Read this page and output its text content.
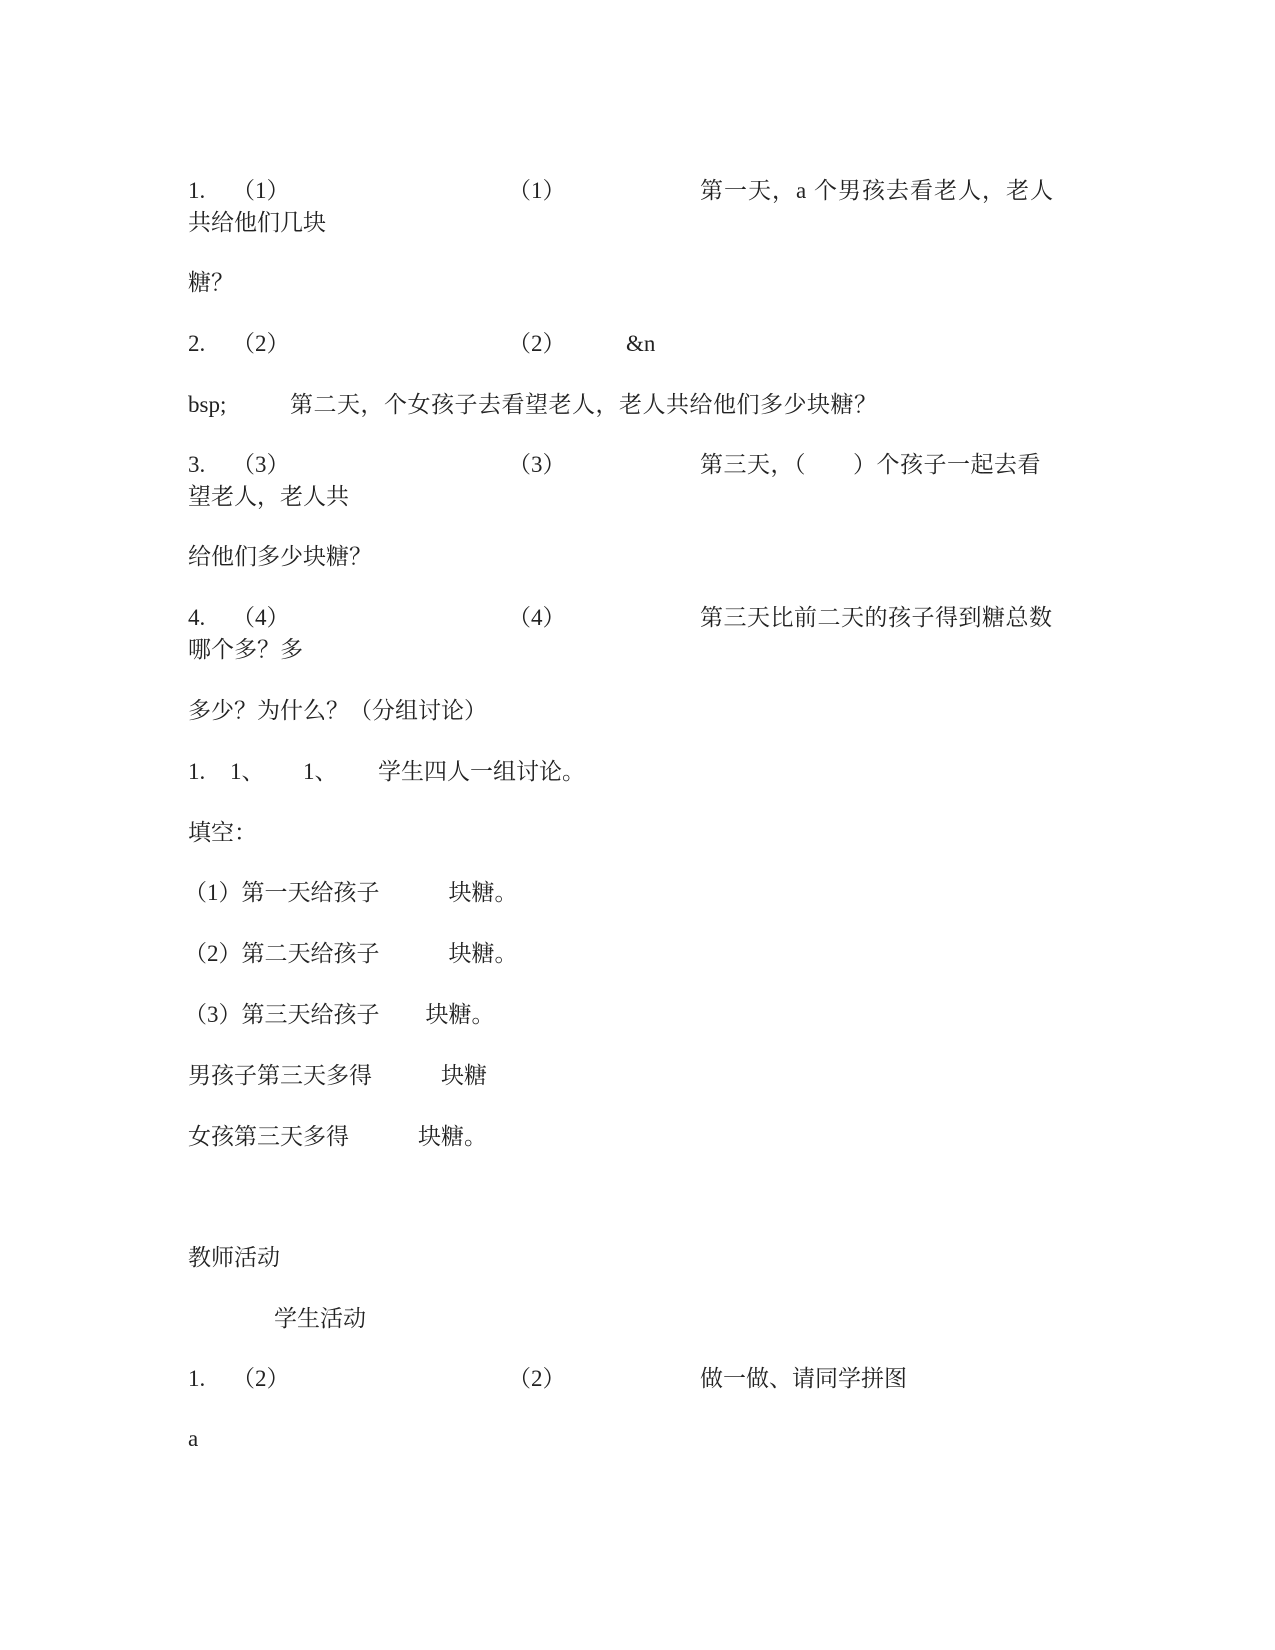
1. （1）	（1）	第一天，a 个男孩去看老人，老人
共给他们几块
糖？
2. （2）	（2）	&n
bsp;	第二天，个女孩子去看望老人，老人共给他们多少块糖？
3. （3）	（3）	第三天，（　　）个孩子一起去看
望老人，老人共
给他们多少块糖？
4. （4）	（4）	第三天比前二天的孩子得到糖总数
哪个多？多
多少？为什么？（分组讨论）
1. 1、 1、 学生四人一组讨论。
填空：
（1）第一天给孩子　　　块糖。
（2）第二天给孩子　　　块糖。
（3）第三天给孩子　　块糖。
男孩子第三天多得　　　块糖
女孩第三天多得　　　块糖。
教师活动
学生活动
1. （2）	（2）	做一做、请同学拼图
a
